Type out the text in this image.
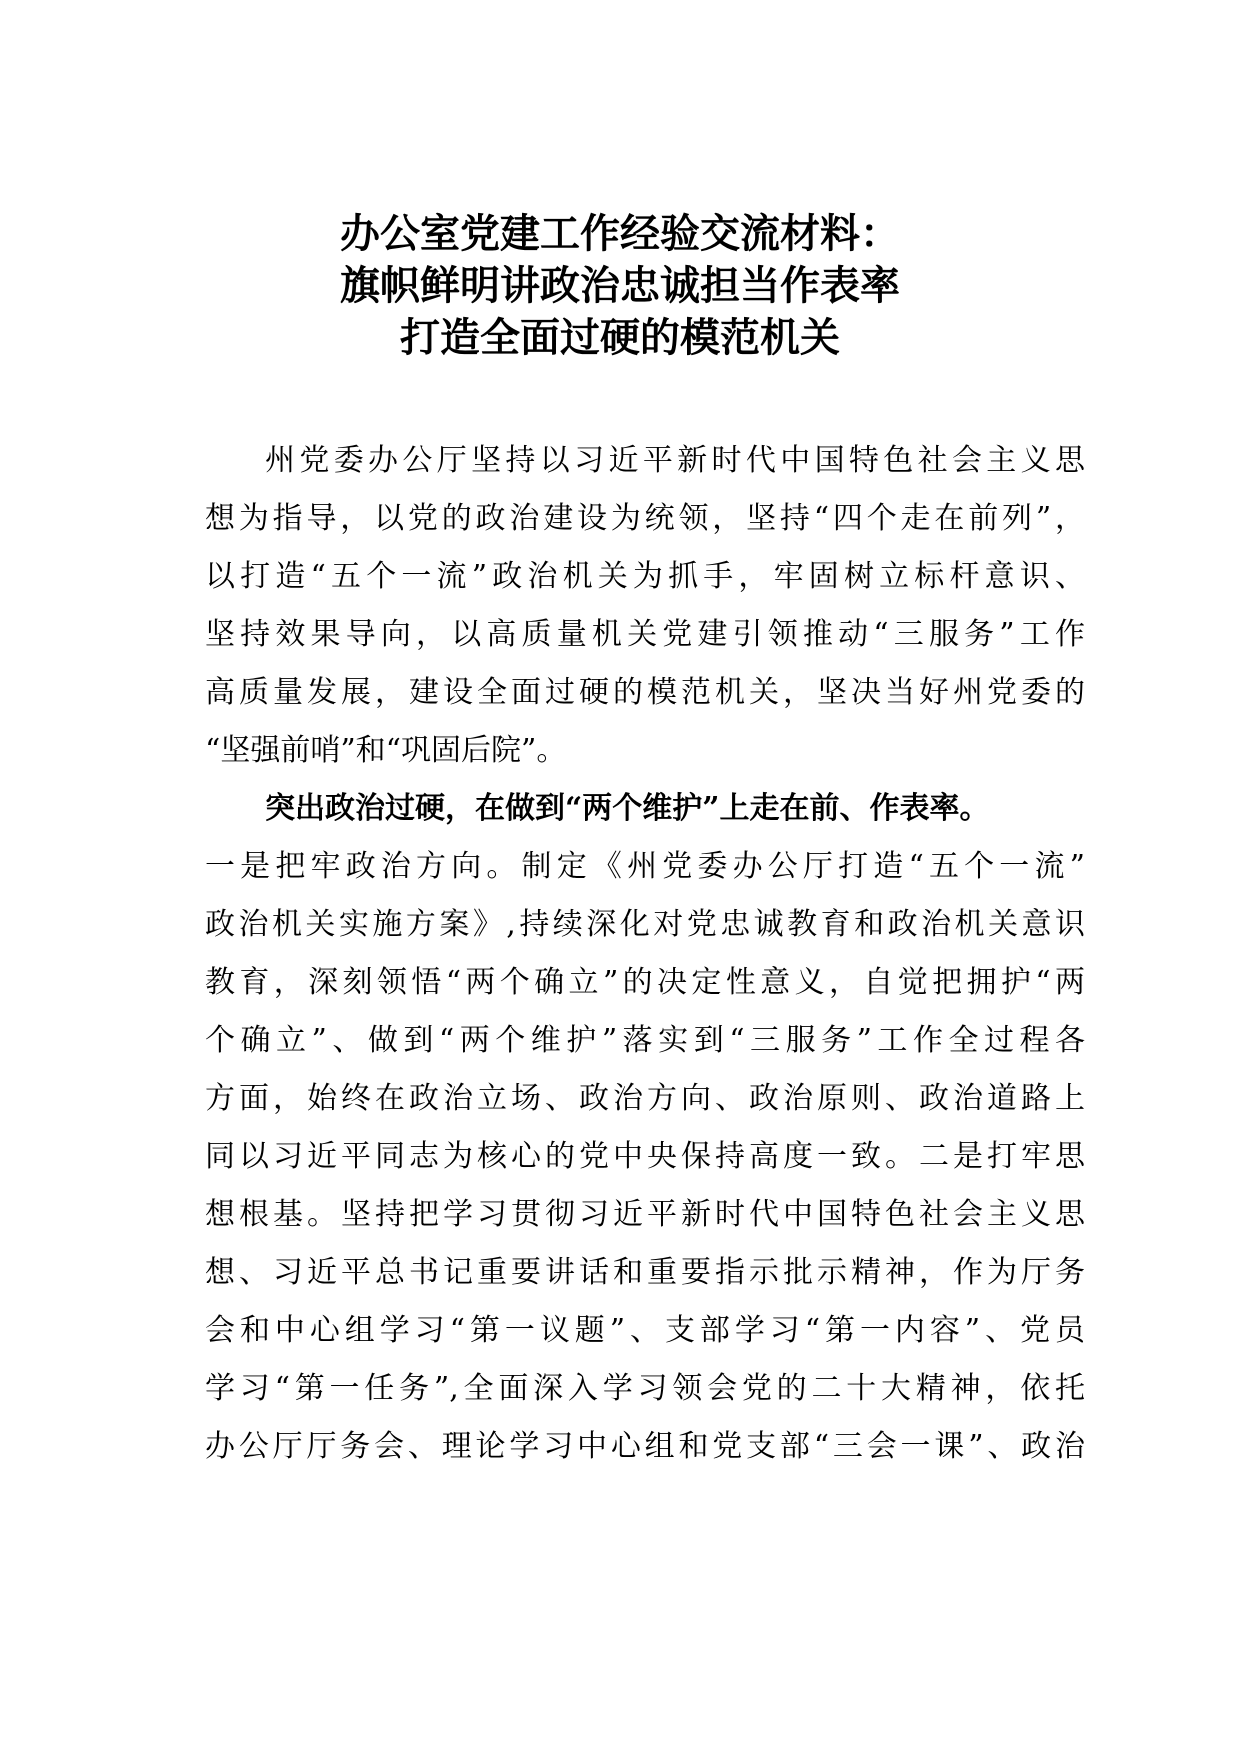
办公室党建工作经验交流材料：
旗帜鲜明讲政治忠诚担当作表率
打造全面过硬的模范机关
州党委办公厅坚持以习近平新时代中国特色社会主义思
想为指导，以党的政治建设为统领，坚持“四个走在前列”，
以打造“五个一流”政治机关为抓手，牢固树立标杆意识、
坚持效果导向，以高质量机关党建引领推动“三服务”工作
高质量发展，建设全面过硬的模范机关，坚决当好州党委的
“坚强前哨”和“巩固后院”。
突出政治过硬，在做到“两个维护”上走在前、作表率。
一是把牢政治方向。制定《州党委办公厅打造“五个一流”
政治机关实施方案》,持续深化对党忠诚教育和政治机关意识
教育，深刻领悟“两个确立”的决定性意义，自觉把拥护“两
个确立”、做到“两个维护”落实到“三服务”工作全过程各
方面，始终在政治立场、政治方向、政治原则、政治道路上
同以习近平同志为核心的党中央保持高度一致。二是打牢思
想根基。坚持把学习贯彻习近平新时代中国特色社会主义思
想、习近平总书记重要讲话和重要指示批示精神，作为厅务
会和中心组学习“第一议题”、支部学习“第一内容”、党员
学习“第一任务”,全面深入学习领会党的二十大精神，依托
办公厅厅务会、理论学习中心组和党支部“三会一课”、政治
